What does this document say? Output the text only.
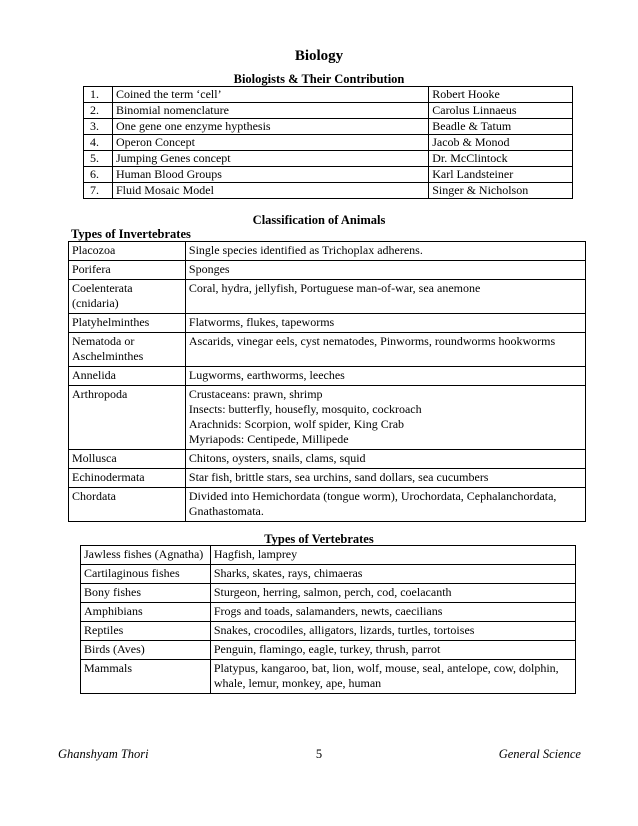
Biology
Biologists & Their Contribution
1.	Coined the term ‘cell’	Robert Hooke
2.	Binomial nomenclature	Carolus Linnaeus
3.	One gene one enzyme hypthesis	Beadle & Tatum
4.	Operon Concept	Jacob & Monod
5.	Jumping Genes concept	Dr. McClintock
6.	Human Blood Groups	Karl Landsteiner
7.	Fluid Mosaic Model	Singer & Nicholson
Classification of Animals
Types of Invertebrates
Placozoa	Single species identified as Trichoplax adherens.

Porifera	Sponges

Coelenterata
(cnidaria)	Coral, hydra, jellyfish, Portuguese man-of-war, sea anemone

Platyhelminthes	Flatworms, flukes, tapeworms

Nematoda or
Aschelminthes	Ascarids, vinegar eels, cyst nematodes, Pinworms, roundworms hookworms

Annelida	Lugworms, earthworms, leeches

Arthropoda	Crustaceans: prawn, shrimp
Insects: butterfly, housefly, mosquito, cockroach
Arachnids: Scorpion, wolf spider, King Crab
Myriapods: Centipede, Millipede

Mollusca	Chitons, oysters, snails, clams, squid

Echinodermata	Star fish, brittle stars, sea urchins, sand dollars, sea cucumbers

Chordata	Divided into Hemichordata (tongue worm), Urochordata, Cephalanchordata,
Gnathastomata.
Types of Vertebrates
Jawless fishes (Agnatha)	Hagfish, lamprey

Cartilaginous fishes	Sharks, skates, rays, chimaeras

Bony fishes	Sturgeon, herring, salmon, perch, cod, coelacanth

Amphibians	Frogs and toads, salamanders, newts, caecilians

Reptiles	Snakes, crocodiles, alligators, lizards, turtles, tortoises

Birds (Aves)	Penguin, flamingo, eagle, turkey, thrush, parrot

Mammals	Platypus, kangaroo, bat, lion, wolf, mouse, seal, antelope, cow, dolphin,
whale, lemur, monkey, ape, human
Ghanshyam Thori	5	General Science
